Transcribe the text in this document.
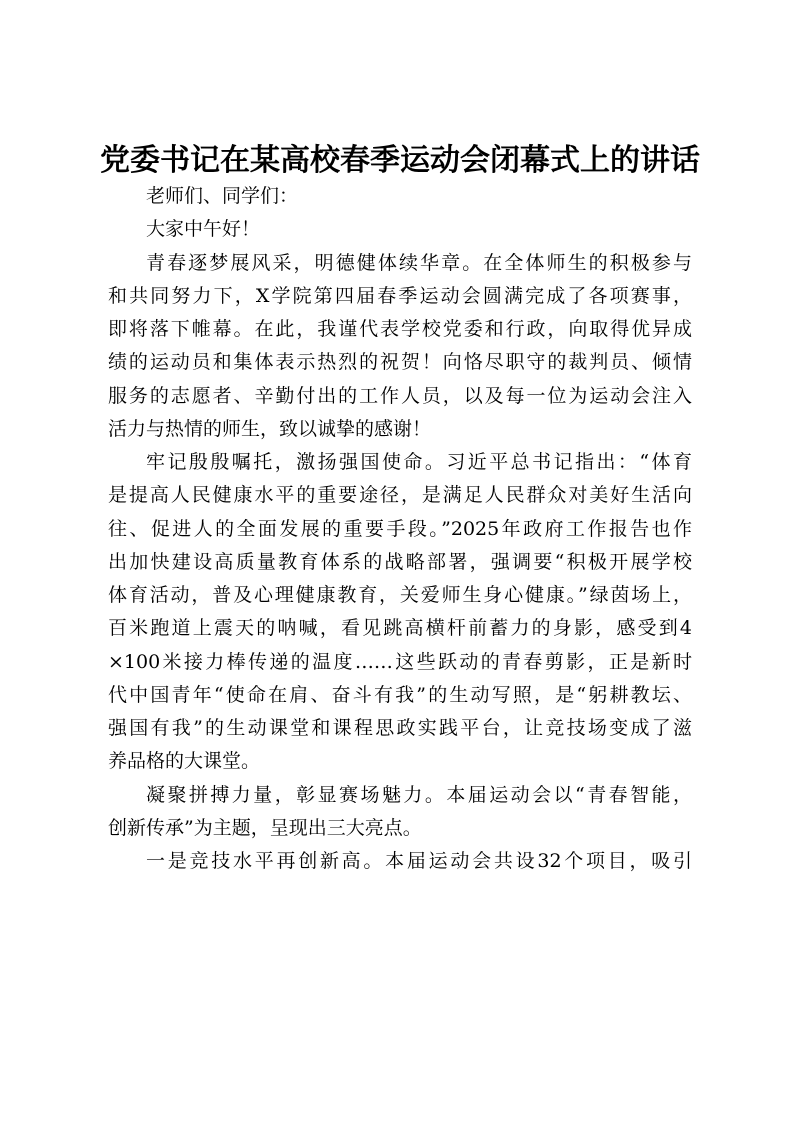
党委书记在某高校春季运动会闭幕式上的讲话
老师们、同学们：
大家中午好！
青春逐梦展风采，明德健体续华章。在全体师生的积极参与
和共同努力下，X学院第四届春季运动会圆满完成了各项赛事，
即将落下帷幕。在此，我谨代表学校党委和行政，向取得优异成
绩的运动员和集体表示热烈的祝贺！向恪尽职守的裁判员、倾情
服务的志愿者、辛勤付出的工作人员，以及每一位为运动会注入
活力与热情的师生，致以诚挚的感谢！
牢记殷殷嘱托，激扬强国使命。习近平总书记指出：“体育
是提高人民健康水平的重要途径，是满足人民群众对美好生活向
往、促进人的全面发展的重要手段。”2025年政府工作报告也作
出加快建设高质量教育体系的战略部署，强调要“积极开展学校
体育活动，普及心理健康教育，关爱师生身心健康。”绿茵场上，
百米跑道上震天的呐喊，看见跳高横杆前蓄力的身影，感受到4
×100米接力棒传递的温度……这些跃动的青春剪影，正是新时
代中国青年“使命在肩、奋斗有我”的生动写照，是“躬耕教坛、
强国有我”的生动课堂和课程思政实践平台，让竞技场变成了滋
养品格的大课堂。
凝聚拼搏力量，彰显赛场魅力。本届运动会以“青春智能，
创新传承”为主题，呈现出三大亮点。
一是竞技水平再创新高。本届运动会共设32个项目，吸引
